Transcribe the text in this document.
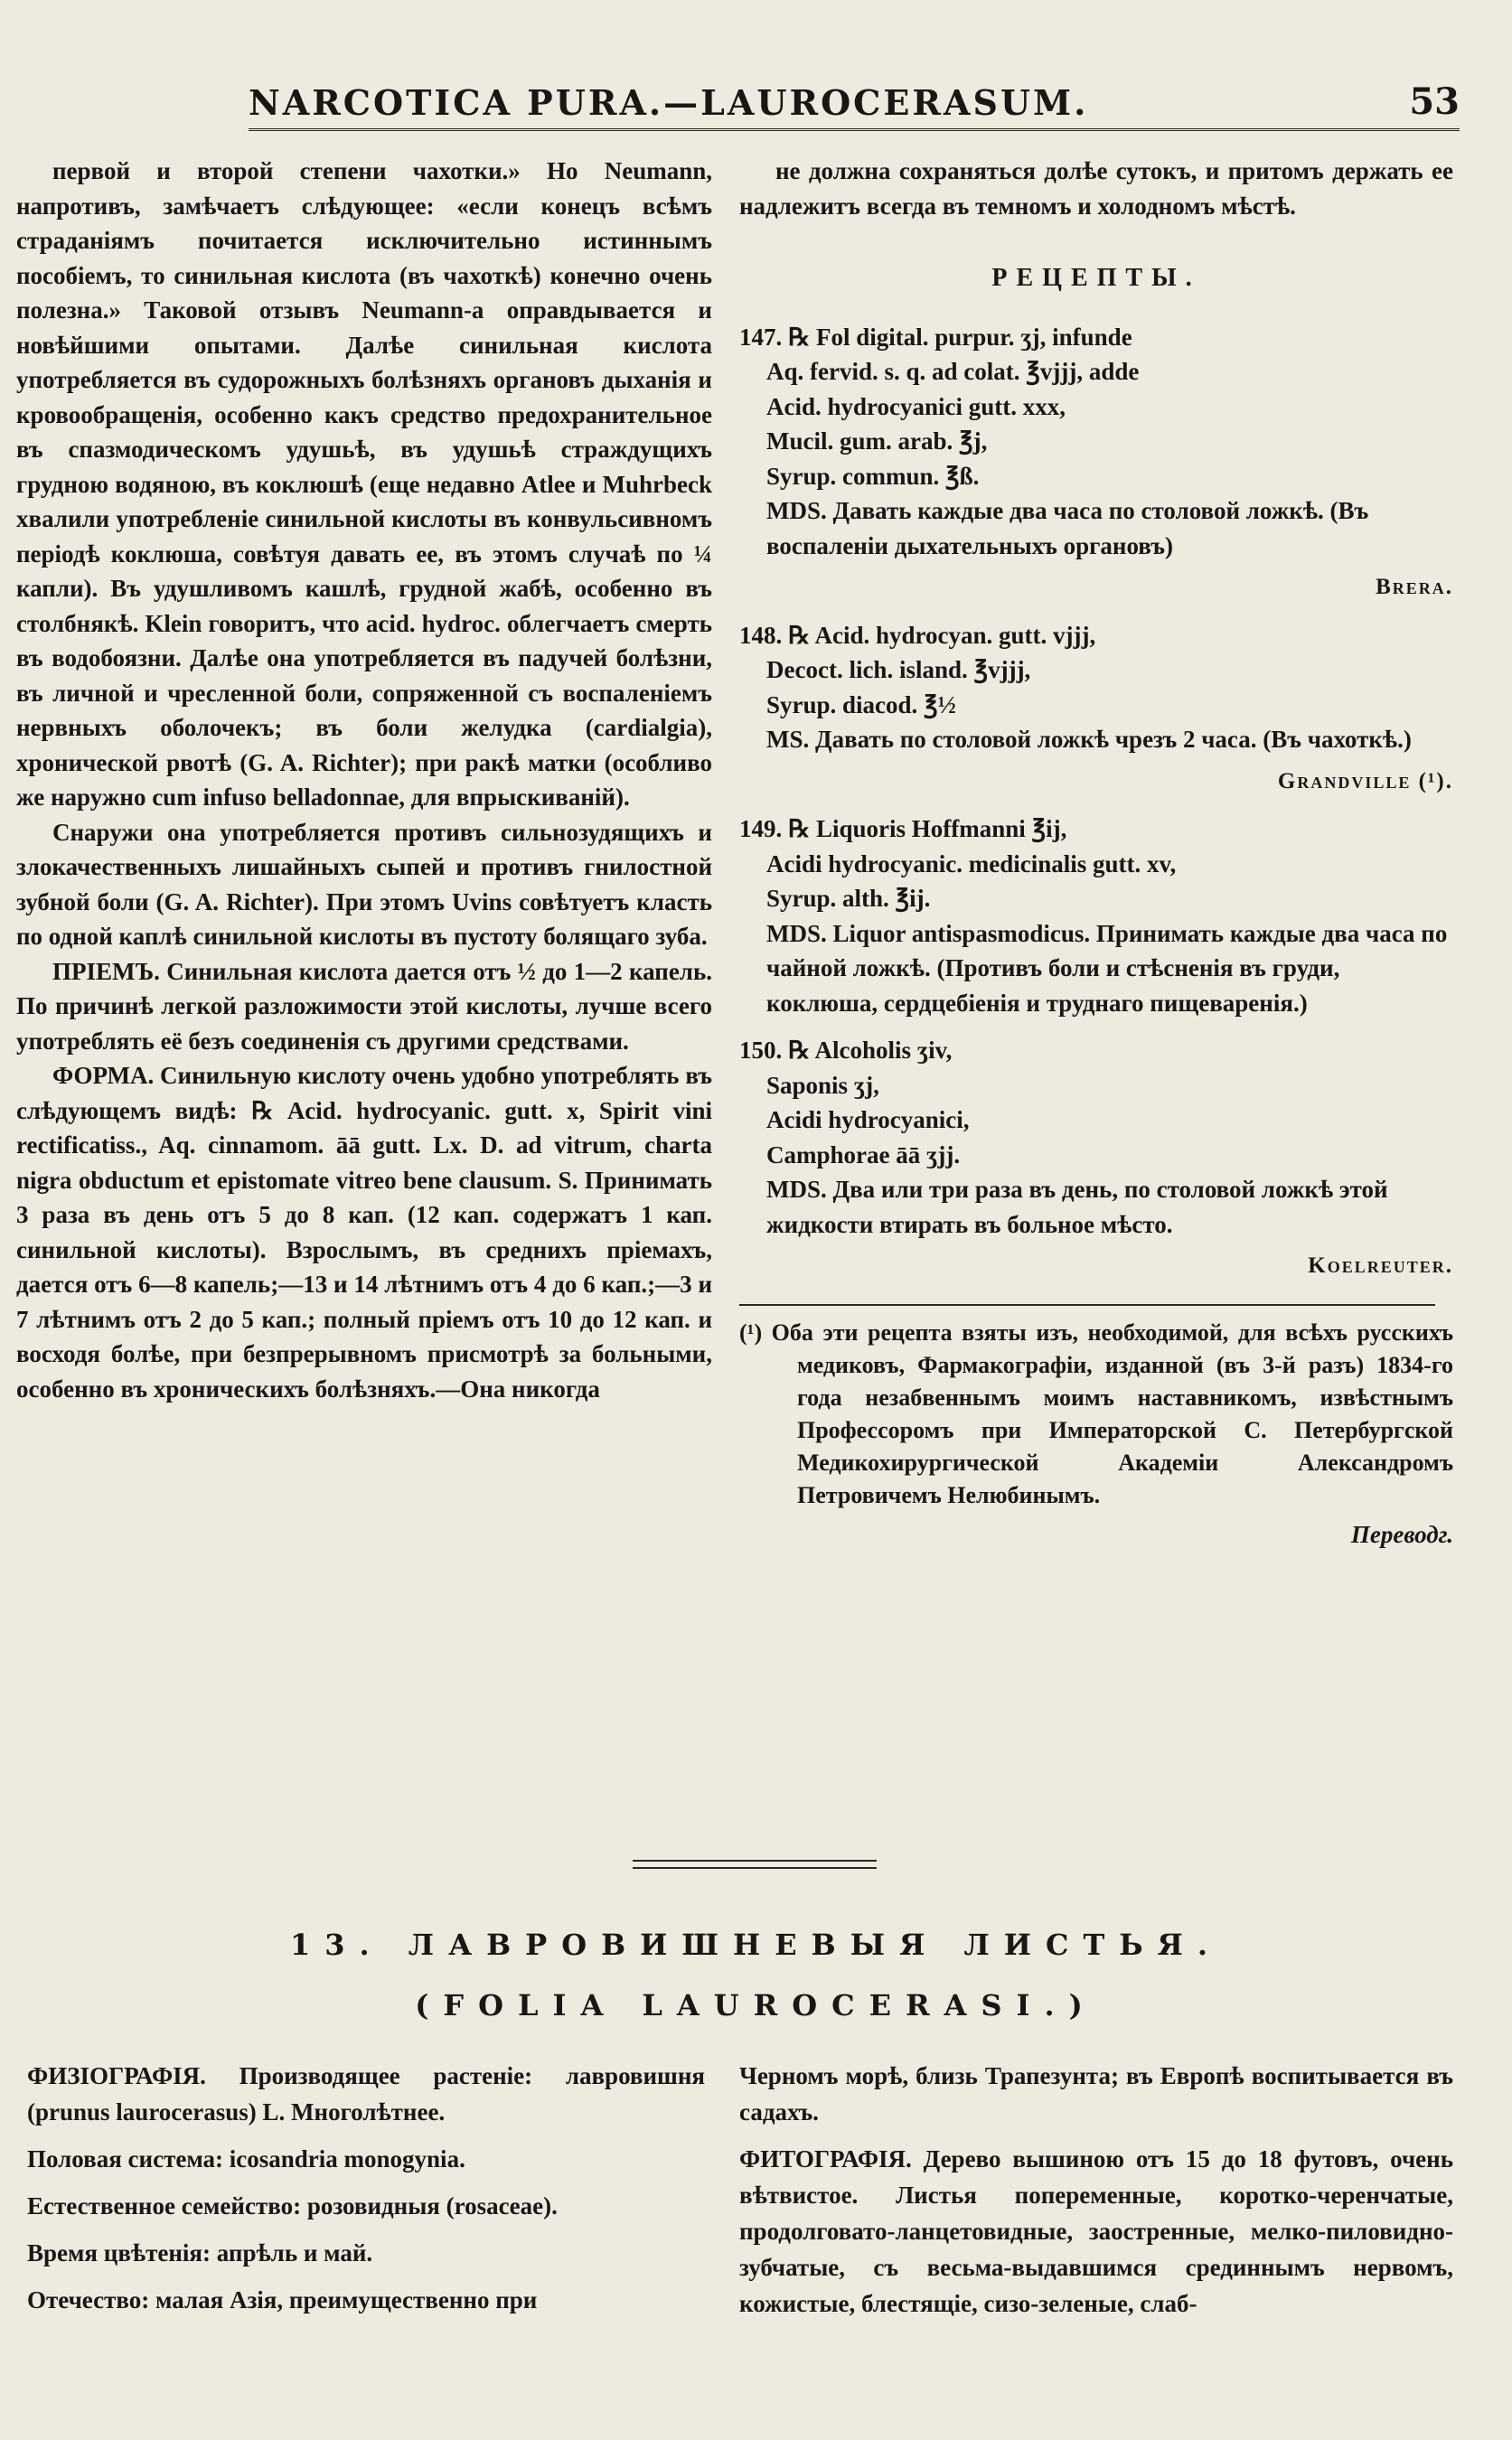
NARCOTICA PURA.—LAUROCERASUM.	53

первой и второй степени чахотки.» Но Neumann, напротивъ, замѣчаетъ слѣдующее: «если конецъ всѣмъ страданіямъ почитается исключительно истиннымъ пособіемъ, то синильная кислота (въ чахоткѣ) конечно очень полезна.» Таковой отзывъ Neumann-а оправдывается и новѣйшими опытами. Далѣе синильная кислота употребляется въ судорожныхъ болѣзняхъ органовъ дыханія и кровообращенія, особенно какъ средство предохранительное въ спазмодическомъ удушьѣ, въ удушьѣ страждущихъ грудною водяною, въ коклюшѣ (еще недавно Atlee и Muhrbeck хвалили употребленіе синильной кислоты въ конвульсивномъ періодѣ коклюша, совѣтуя давать ее, въ этомъ случаѣ по ¼ капли). Въ удушливомъ кашлѣ, грудной жабѣ, особенно въ столбнякѣ. Klein говоритъ, что acid. hydroc. облегчаетъ смерть въ водобоязни. Далѣе она употребляется въ падучей болѣзни, въ личной и чресленной боли, сопряженной съ воспаленіемъ нервныхъ оболочекъ; въ боли желудка (cardialgia), хронической рвотѣ (G. A. Richter); при ракѣ матки (особливо же наружно cum infuso belladonnae, для впрыскиваній).

Снаружи она употребляется противъ сильнозудящихъ и злокачественныхъ лишайныхъ сыпей и противъ гнилостной зубной боли (G. A. Richter). При этомъ Uvins совѣтуетъ класть по одной каплѣ синильной кислоты въ пустоту болящаго зуба.

ПРІЕМЪ. Синильная кислота дается отъ ½ до 1—2 капель. По причинѣ легкой разложимости этой кислоты, лучше всего употреблять её безъ соединенія съ другими средствами.

ФОРМА. Синильную кислоту очень удобно употреблять въ слѣдующемъ видѣ: ℞ Acid. hydrocyanic. gutt. x, Spirit vini rectificatiss., Aq. cinnamom. āā gutt. Lx. D. ad vitrum, charta nigra obductum et epistomate vitreo bene clausum. S. Принимать 3 раза въ день отъ 5 до 8 кап. (12 кап. содержатъ 1 кап. синильной кислоты). Взрослымъ, въ среднихъ пріемахъ, дается отъ 6—8 капель;—13 и 14 лѣтнимъ отъ 4 до 6 кап.;—3 и 7 лѣтнимъ отъ 2 до 5 кап.; полный пріемъ отъ 10 до 12 кап. и восходя болѣе, при безпрерывномъ присмотрѣ за больными, особенно въ хроническихъ болѣзняхъ.—Она никогда

не должна сохраняться долѣе сутокъ, и притомъ держать ее надлежитъ всегда въ темномъ и холодномъ мѣстѣ.

РЕЦЕПТЫ.
147. ℞ Fol digital. purpur. ʒj, infunde
Aq. fervid. s. q. ad colat. ℥vjjj, adde
Acid. hydrocyanici gutt. xxx,
Mucil. gum. arab. ℥j,
Syrup. commun. ℥ß.
MDS. Давать каждые два часа по столовой ложкѣ. (Въ воспаленіи дыхательныхъ органовъ)
Brera.
148. ℞ Acid. hydrocyan. gutt. vjjj,
Decoct. lich. island. ℥vjjj,
Syrup. diacod. ℥½
MS. Давать по столовой ложкѣ чрезъ 2 часа. (Въ чахоткѣ.)
Grandville (¹).
149. ℞ Liquoris Hoffmanni ℥ij,
Acidi hydrocyanic. medicinalis gutt. xv,
Syrup. alth. ℥ij.
MDS. Liquor antispasmodicus. Принимать каждые два часа по чайной ложкѣ. (Противъ боли и стѣсненія въ груди, коклюша, сердцебіенія и труднаго пищеваренія.)
150. ℞ Alcoholis ʒiv,
Saponis ʒj,
Acidi hydrocyanici,
Camphorae āā ʒjj.
MDS. Два или три раза въ день, по столовой ложкѣ этой жидкости втирать въ больное мѣсто.
Koelreuter.
(¹) Оба эти рецепта взяты изъ, необходимой, для всѣхъ русскихъ медиковъ, Фармакографіи, изданной (въ 3-й разъ) 1834-го года незабвеннымъ моимъ наставникомъ, извѣстнымъ Профессоромъ при Императорской С. Петербургской Медикохирургической Академіи Александромъ Петровичемъ Нелюбинымъ.
Переводг.
13. ЛАВРОВИШНЕВЫЯ ЛИСТЬЯ.
(FOLIA LAUROCERASI.)

ФИЗІОГРАФІЯ. Производящее растеніе: лавровишня (prunus laurocerasus) L. Многолѣтнее.

Половая система: icosandria monogynia.

Естественное семейство: розовидныя (rosaceae).

Время цвѣтенія: апрѣль и май.

Отечество: малая Азія, преимущественно при

Черномъ морѣ, близь Трапезунта; въ Европѣ воспитывается въ садахъ.

ФИТОГРАФІЯ. Дерево вышиною отъ 15 до 18 футовъ, очень вѣтвистое. Листья попеременные, коротко-черенчатые, продолговато-ланцетовидные, заостренные, мелко-пиловидно-зубчатые, съ весьма-выдавшимся срединнымъ нервомъ, кожистые, блестящіе, сизо-зеленые, слаб-
